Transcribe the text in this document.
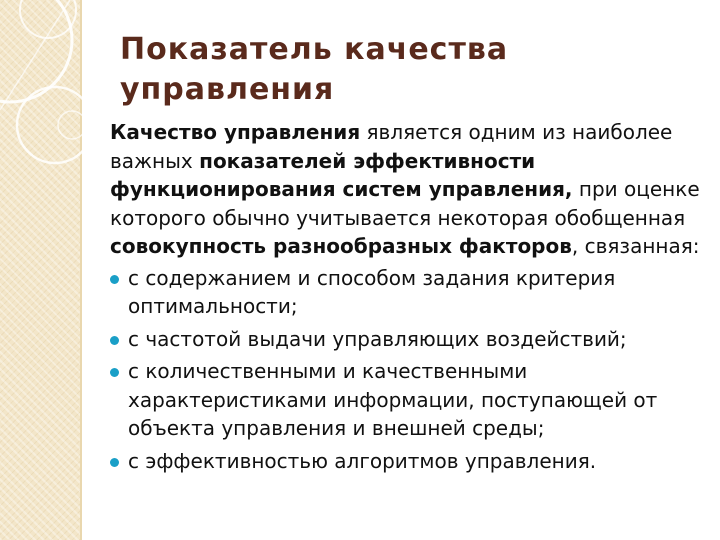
Показатель качества
управления

Качество управления является одним из наиболее важных показателей эффективности функционирования систем управления, при оценке которого обычно учитывается некоторая обобщенная совокупность разнообразных факторов, связанная:

с содержанием и способом задания критерия оптимальности;
с частотой выдачи управляющих воздействий;
с количественными и качественными характеристиками информации, поступающей от объекта управления и внешней среды;
с эффективностью алгоритмов управления.
